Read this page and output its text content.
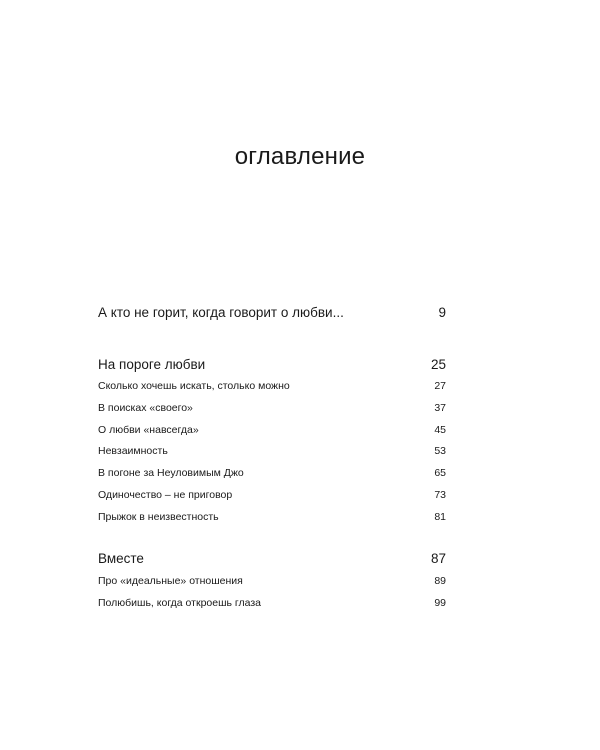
оглавление
А кто не горит, когда говорит о любви...	9
На пороге любви	25
Сколько хочешь искать, столько можно	27
В поисках «своего»	37
О любви «навсегда»	45
Невзаимность	53
В погоне за Неуловимым Джо	65
Одиночество – не приговор	73
Прыжок в неизвестность	81
Вместе	87
Про «идеальные» отношения	89
Полюбишь, когда откроешь глаза	99
